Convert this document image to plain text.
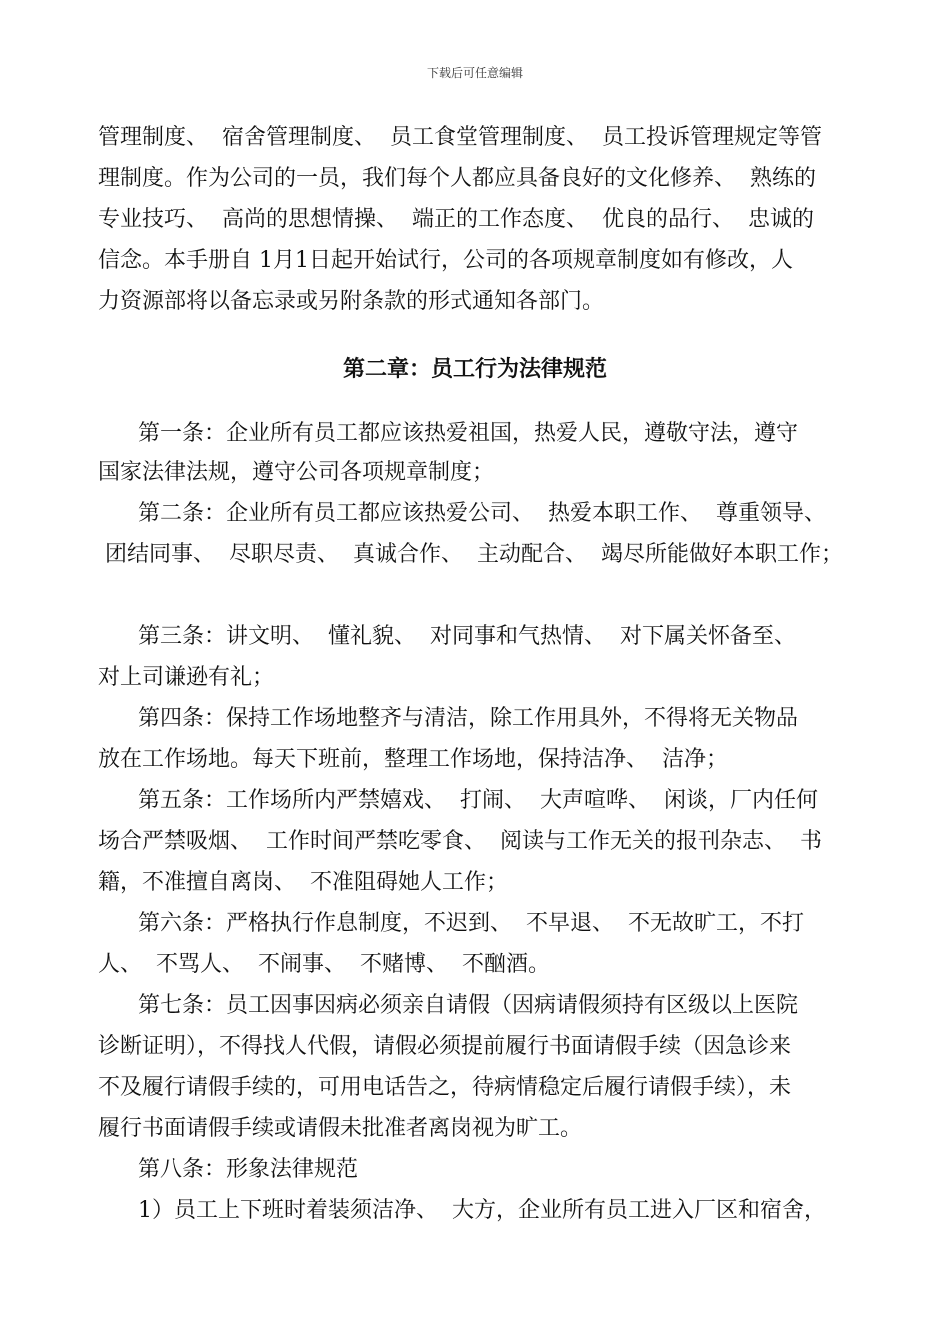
下载后可任意编辑
管理制度、  宿舍管理制度、  员工食堂管理制度、  员工投诉管理规定等管
理制度。作为公司的一员，我们每个人都应具备良好的文化修养、  熟练的
专业技巧、  高尚的思想情操、  端正的工作态度、  优良的品行、  忠诚的
信念。本手册自 1月1日起开始试行，公司的各项规章制度如有修改，人
力资源部将以备忘录或另附条款的形式通知各部门。
第二章：员工行为法律规范
第一条：企业所有员工都应该热爱祖国，热爱人民，遵敬守法，遵守
国家法律法规，遵守公司各项规章制度；
第二条：企业所有员工都应该热爱公司、  热爱本职工作、  尊重领导、
团结同事、  尽职尽责、  真诚合作、  主动配合、  竭尽所能做好本职工作；
第三条：讲文明、  懂礼貌、  对同事和气热情、  对下属关怀备至、
对上司谦逊有礼；
第四条：保持工作场地整齐与清洁，除工作用具外，不得将无关物品
放在工作场地。每天下班前，整理工作场地，保持洁净、  洁净；
第五条：工作场所内严禁嬉戏、  打闹、  大声喧哗、  闲谈，厂内任何
场合严禁吸烟、  工作时间严禁吃零食、  阅读与工作无关的报刊杂志、  书
籍，不准擅自离岗、  不准阻碍她人工作；
第六条：严格执行作息制度，不迟到、  不早退、  不无故旷工，不打
人、  不骂人、  不闹事、  不赌博、  不酗酒。
第七条：员工因事因病必须亲自请假（因病请假须持有区级以上医院
诊断证明），不得找人代假，请假必须提前履行书面请假手续（因急诊来
不及履行请假手续的，可用电话告之，待病情稳定后履行请假手续），未
履行书面请假手续或请假未批准者离岗视为旷工。
第八条：形象法律规范
1）员工上下班时着装须洁净、  大方，企业所有员工进入厂区和宿舍，
